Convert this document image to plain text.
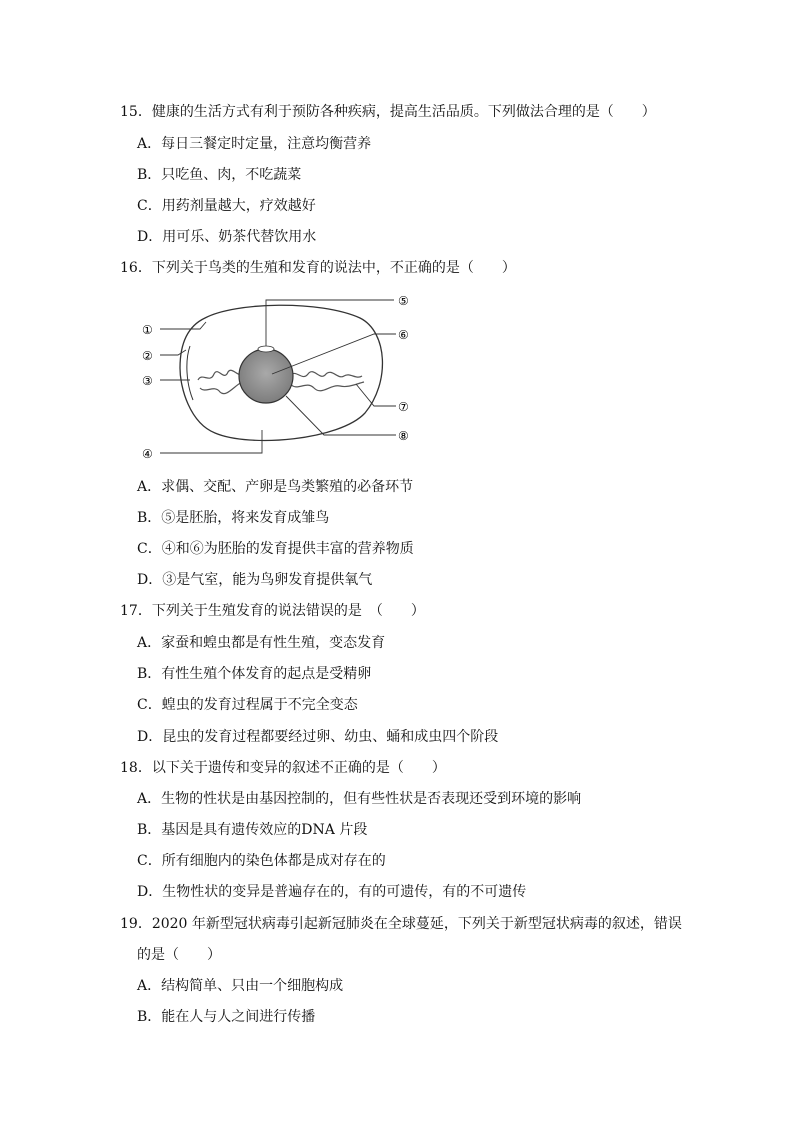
15．健康的生活方式有利于预防各种疾病，提高生活品质。下列做法合理的是（　　）
A．每日三餐定时定量，注意均衡营养
B．只吃鱼、肉，不吃蔬菜
C．用药剂量越大，疗效越好
D．用可乐、奶茶代替饮用水
16．下列关于鸟类的生殖和发育的说法中，不正确的是（　　）
①
②
③
④
⑤
⑥
⑦
⑧
A．求偶、交配、产卵是鸟类繁殖的必备环节
B．⑤是胚胎，将来发育成雏鸟
C．④和⑥为胚胎的发育提供丰富的营养物质
D．③是气室，能为鸟卵发育提供氧气
17．下列关于生殖发育的说法错误的是　（　　）
A．家蚕和蝗虫都是有性生殖，变态发育
B．有性生殖个体发育的起点是受精卵
C．蝗虫的发育过程属于不完全变态
D．昆虫的发育过程都要经过卵、幼虫、蛹和成虫四个阶段
18．以下关于遗传和变异的叙述不正确的是（　　）
A．生物的性状是由基因控制的，但有些性状是否表现还受到环境的影响
B．基因是具有遗传效应的DNA 片段
C．所有细胞内的染色体都是成对存在的
D．生物性状的变异是普遍存在的，有的可遗传，有的不可遗传
19．2020 年新型冠状病毒引起新冠肺炎在全球蔓延，下列关于新型冠状病毒的叙述，错误
的是（　　）
A．结构简单、只由一个细胞构成
B．能在人与人之间进行传播
